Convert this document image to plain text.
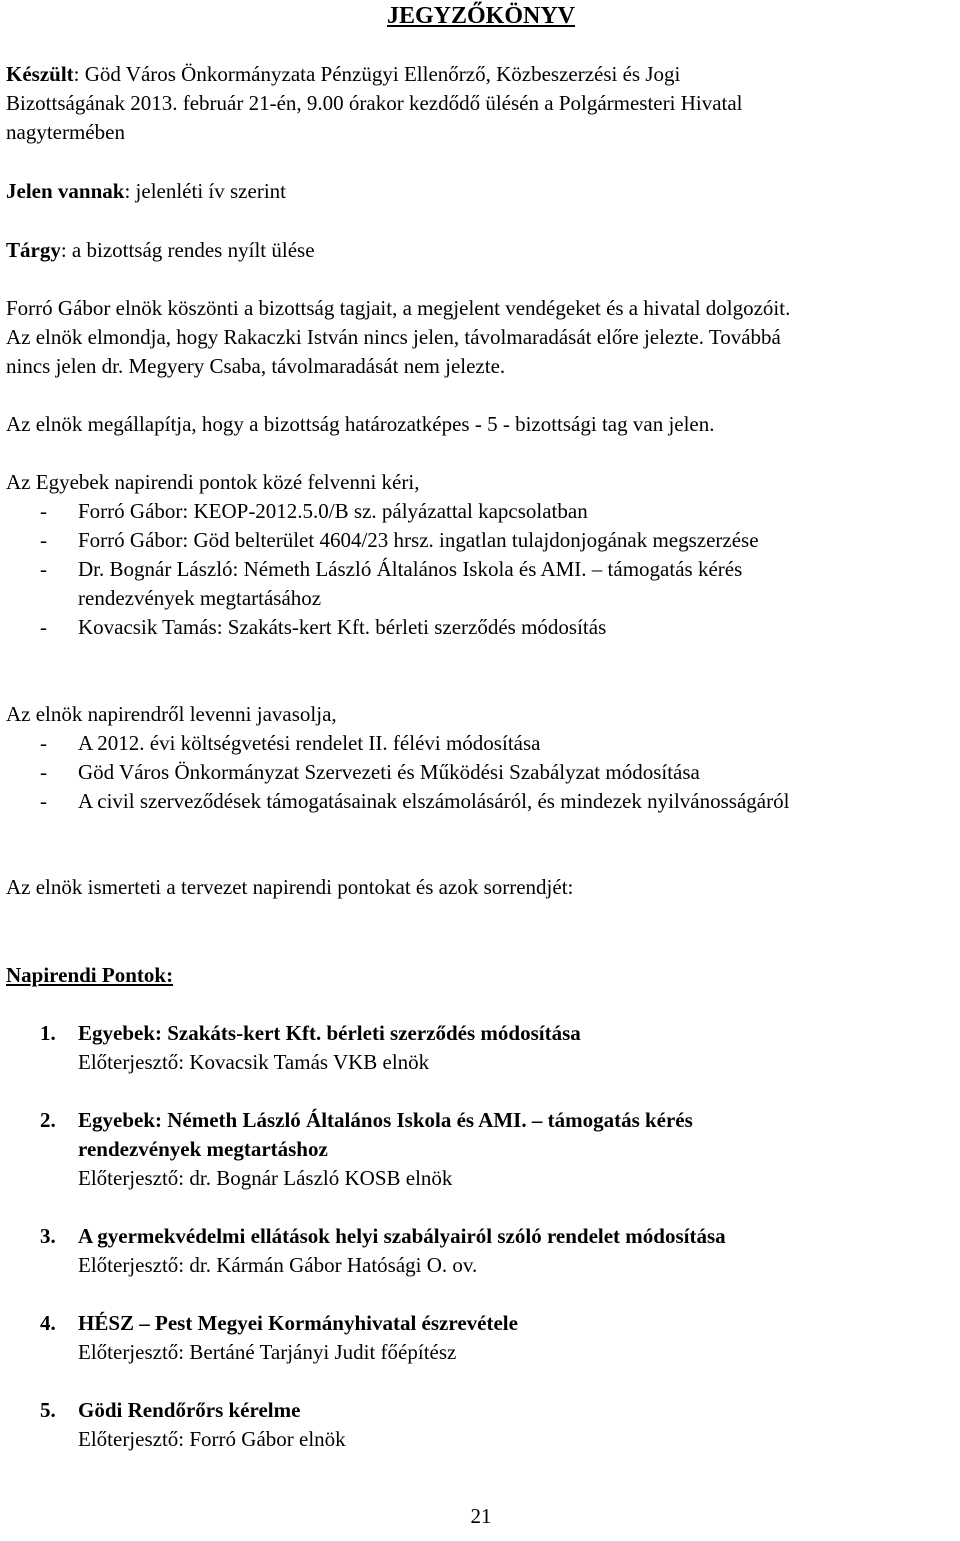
JEGYZŐKÖNYV
Készült: Göd Város Önkormányzata Pénzügyi Ellenőrző, Közbeszerzési és Jogi
Bizottságának 2013. február 21-én, 9.00 órakor kezdődő ülésén a Polgármesteri Hivatal
nagytermében
Jelen vannak: jelenléti ív szerint
Tárgy: a bizottság rendes nyílt ülése
Forró Gábor elnök köszönti a bizottság tagjait, a megjelent vendégeket és a hivatal dolgozóit.
Az elnök elmondja, hogy Rakaczki István nincs jelen, távolmaradását előre jelezte. Továbbá
nincs jelen dr. Megyery Csaba, távolmaradását nem jelezte.
Az elnök megállapítja, hogy a bizottság határozatképes - 5 - bizottsági tag van jelen.
Az Egyebek napirendi pontok közé felvenni kéri,
- Forró Gábor: KEOP-2012.5.0/B sz. pályázattal kapcsolatban
- Forró Gábor: Göd belterület 4604/23 hrsz. ingatlan tulajdonjogának megszerzése
- Dr. Bognár László: Németh László Általános Iskola és AMI. – támogatás kérés
rendezvények megtartásához
- Kovacsik Tamás: Szakáts-kert Kft. bérleti szerződés módosítás
Az elnök napirendről levenni javasolja,
- A 2012. évi költségvetési rendelet II. félévi módosítása
- Göd Város Önkormányzat Szervezeti és Működési Szabályzat módosítása
- A civil szerveződések támogatásainak elszámolásáról, és mindezek nyilvánosságáról
Az elnök ismerteti a tervezet napirendi pontokat és azok sorrendjét:
Napirendi Pontok:
1. Egyebek: Szakáts-kert Kft. bérleti szerződés módosítása
Előterjesztő: Kovacsik Tamás VKB elnök
2. Egyebek: Németh László Általános Iskola és AMI. – támogatás kérés
rendezvények megtartáshoz
Előterjesztő: dr. Bognár László KOSB elnök
3. A gyermekvédelmi ellátások helyi szabályairól szóló rendelet módosítása
Előterjesztő: dr. Kármán Gábor Hatósági O. ov.
4. HÉSZ – Pest Megyei Kormányhivatal észrevétele
Előterjesztő: Bertáné Tarjányi Judit főépítész
5. Gödi Rendőrőrs kérelme
Előterjesztő: Forró Gábor elnök
21
